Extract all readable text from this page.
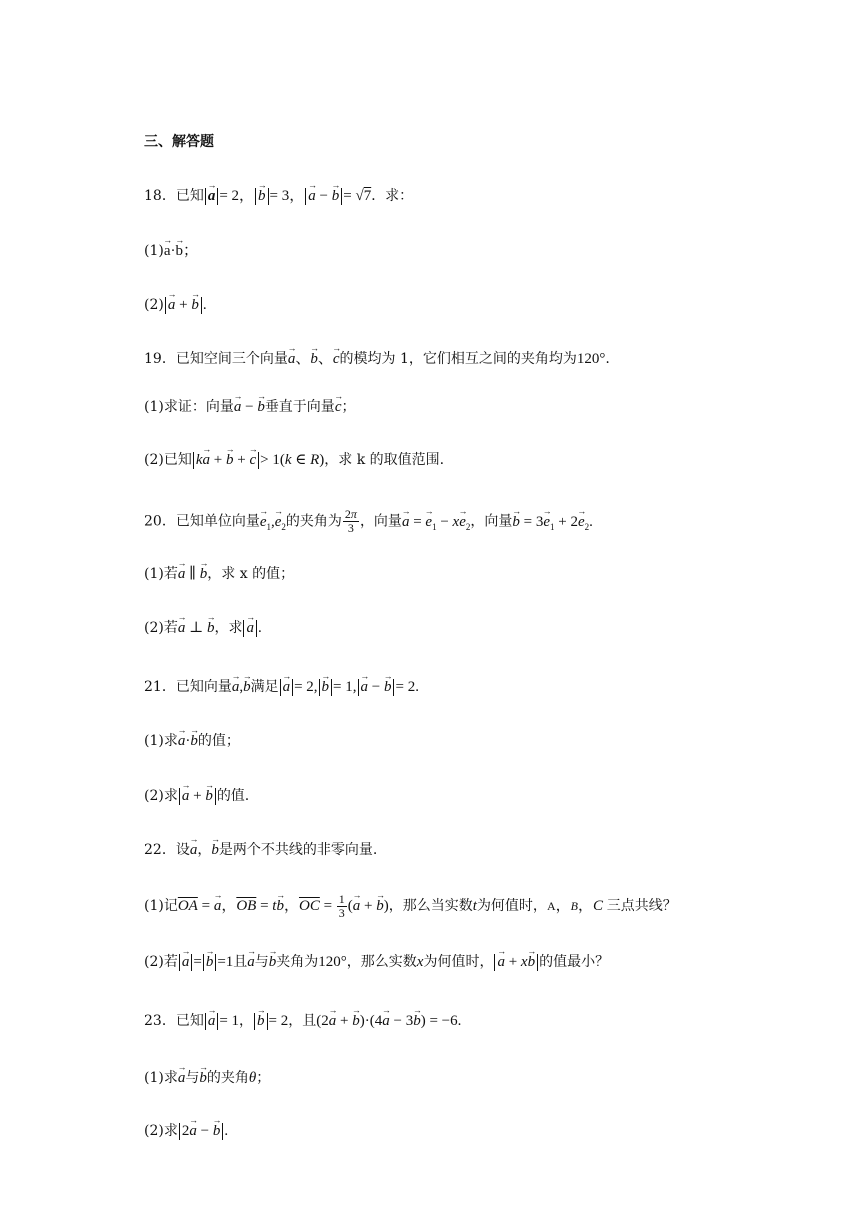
三、解答题
18．已知 → a = 2， → b = 3， → a − → b = √7．求：
(1)→ a·→ b；
(2) → a + → b .
19．已知空间三个向量→ a、→ b、→ c的模均为 1，它们相互之间的夹角均为120°.
(1)求证：向量→ a − → b垂直于向量→ c；
(2)已知 k→ a + → b + → c > 1(k ∈ R)，求 k 的取值范围.
20．已知单位向量→ $e_1,\to e_2$的夹角为 $\frac{2\pi}{3}$ ，向量→ a = → $e_1 - x\to e_2$，向量→ $b = 3\to e_1 + 2\to e_2$.
(1)若→ a ∥ → b，求 x 的值；
(2)若→ a ⊥ → b，求 → a .
21．已知向量→ a,→ b满足 → a = 2, → b = 1, → a − → b = 2.
(1)求→ a·→ b的值；
(2)求 → a + → b 的值.
22．设→ a，→ b是两个不共线的非零向量.
(1)记$\overline{OA}$ = → a，$\overline{OB} = t\to b$，$\overline{OC} = \frac{1}{3}$ (→ a + → b)，那么当实数t为何值时，A，B，C 三点共线？
(2)若 → a = → b =1且→ a与→ b夹角为120°，那么实数x为何值时， → a + x→ b 的值最小？
23．已知 → a = 1， → b = 2，且(2→ a + → b)·(4→ a − 3→ b) = −6.
(1)求→ a与→ b的夹角θ；
(2)求 2→ a − → b .
